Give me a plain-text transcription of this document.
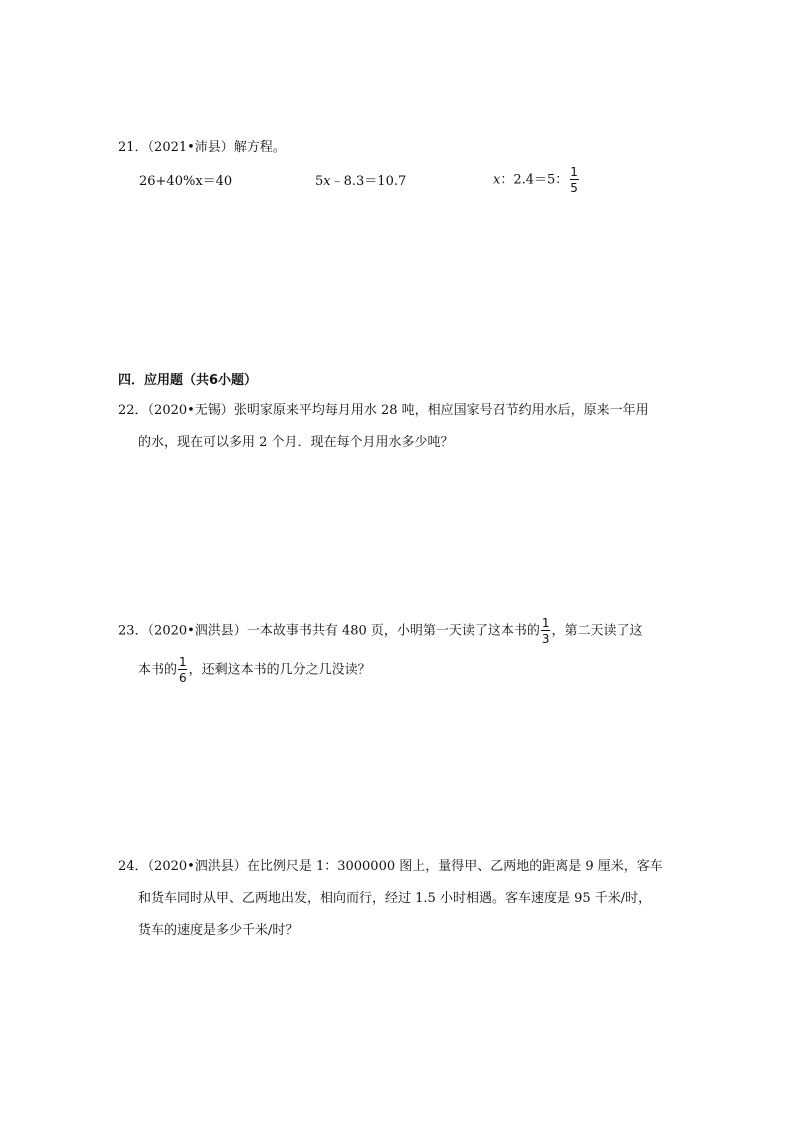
21．（2021•沛县）解方程。
26+40%x＝40	5x﹣8.3＝10.7	x：2.4＝5： $\frac{1}{5}$
四．应用题（共6小题）
22．（2020•无锡）张明家原来平均每月用水 28 吨，相应国家号召节约用水后，原来一年用
的水，现在可以多用 2 个月．现在每个月用水多少吨？
23．（2020•泗洪县）一本故事书共有 480 页，小明第一天读了这本书的 $\frac{1}{3}$ ，第二天读了这
本书的 $\frac{1}{6}$ ，还剩这本书的几分之几没读？
24．（2020•泗洪县）在比例尺是 1：3000000 图上，量得甲、乙两地的距离是 9 厘米，客车
和货车同时从甲、乙两地出发，相向而行，经过 1.5 小时相遇。客车速度是 95 千米/时，
货车的速度是多少千米/时？
